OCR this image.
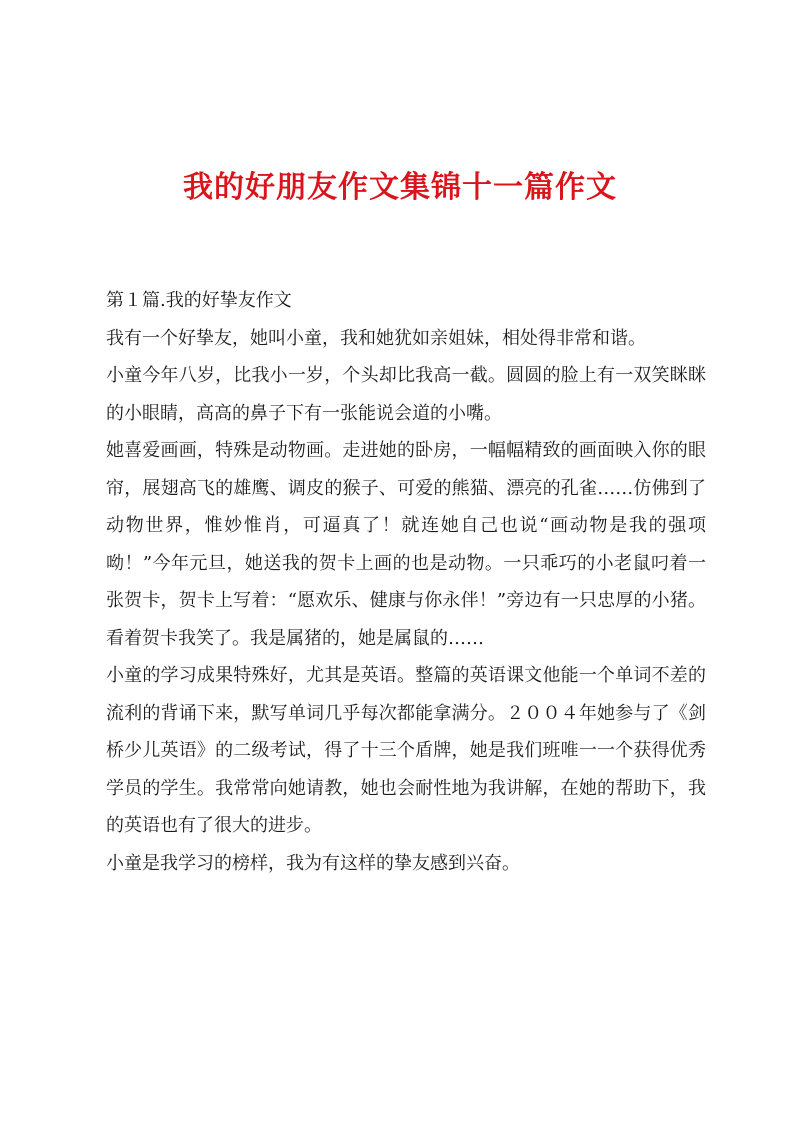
我的好朋友作文集锦十一篇作文

第１篇.我的好挚友作文

我有一个好挚友，她叫小童，我和她犹如亲姐妹，相处得非常和谐。

小童今年八岁，比我小一岁，个头却比我高一截。圆圆的脸上有一双笑眯眯的小眼睛，高高的鼻子下有一张能说会道的小嘴。

她喜爱画画，特殊是动物画。走进她的卧房，一幅幅精致的画面映入你的眼帘，展翅高飞的雄鹰、调皮的猴子、可爱的熊猫、漂亮的孔雀……仿佛到了动物世界，惟妙惟肖，可逼真了！就连她自己也说“画动物是我的强项呦！”今年元旦，她送我的贺卡上画的也是动物。一只乖巧的小老鼠叼着一张贺卡，贺卡上写着：“愿欢乐、健康与你永伴！”旁边有一只忠厚的小猪。看着贺卡我笑了。我是属猪的，她是属鼠的……

小童的学习成果特殊好，尤其是英语。整篇的英语课文他能一个单词不差的流利的背诵下来，默写单词几乎每次都能拿满分。２００４年她参与了《剑桥少儿英语》的二级考试，得了十三个盾牌，她是我们班唯一一个获得优秀学员的学生。我常常向她请教，她也会耐性地为我讲解，在她的帮助下，我的英语也有了很大的进步。

小童是我学习的榜样，我为有这样的挚友感到兴奋。
